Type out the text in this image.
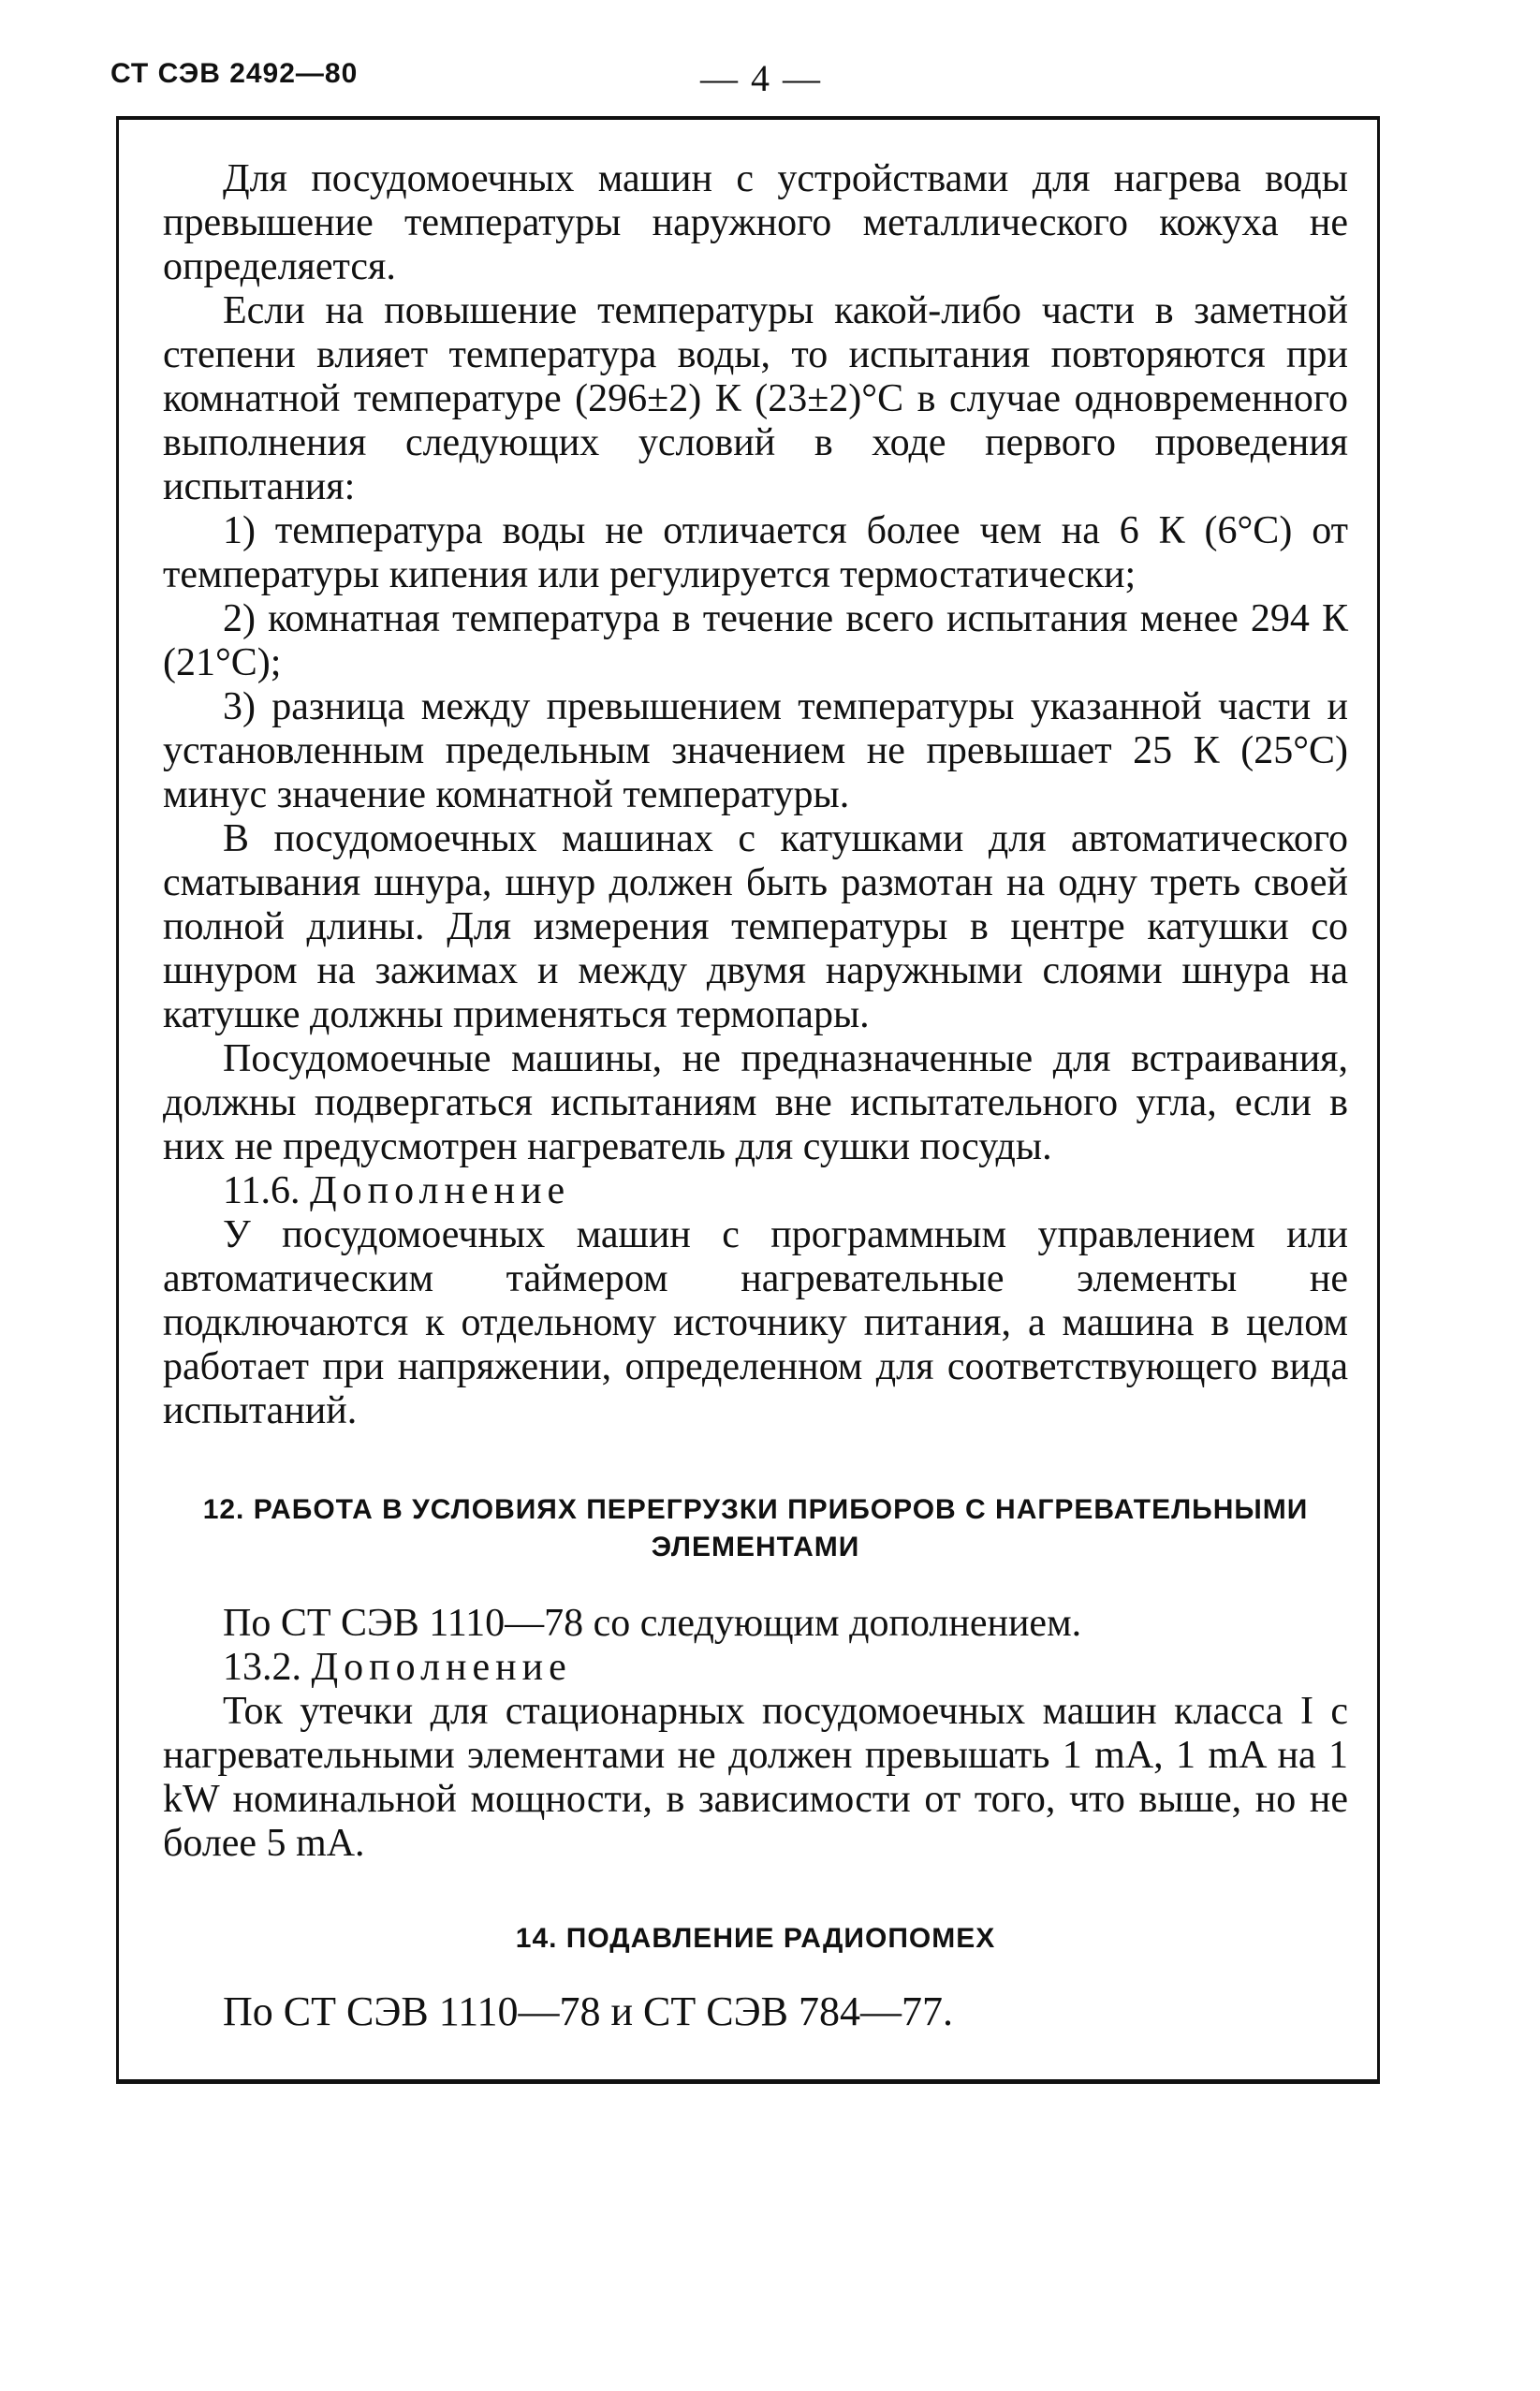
СТ СЭВ 2492—80	— 4 —

Для посудомоечных машин с устройствами для нагрева воды превышение температуры наружного металлического кожуха не определяется.

Если на повышение температуры какой-либо части в заметной степени влияет температура воды, то испытания повторяются при комнатной температуре (296±2) К (23±2)°С в случае одновременного выполнения следующих условий в ходе первого проведения испытания:

1) температура воды не отличается более чем на 6 К (6°С) от температуры кипения или регулируется термостатически;

2) комнатная температура в течение всего испытания менее 294 К (21°С);

3) разница между превышением температуры указанной части и установленным предельным значением не превышает 25 К (25°С) минус значение комнатной температуры.

В посудомоечных машинах с катушками для автоматического сматывания шнура, шнур должен быть размотан на одну треть своей полной длины. Для измерения температуры в центре катушки со шнуром на зажимах и между двумя наружными слоями шнура на катушке должны применяться термопары.

Посудомоечные машины, не предназначенные для встраивания, должны подвергаться испытаниям вне испытательного угла, если в них не предусмотрен нагреватель для сушки посуды.

11.6. Дополнение

У посудомоечных машин с программным управлением или автоматическим таймером нагревательные элементы не подключаются к отдельному источнику питания, а машина в целом работает при напряжении, определенном для соответствующего вида испытаний.

12. РАБОТА В УСЛОВИЯХ ПЕРЕГРУЗКИ ПРИБОРОВ С НАГРЕВАТЕЛЬНЫМИ ЭЛЕМЕНТАМИ

По СТ СЭВ 1110—78 со следующим дополнением.

13.2. Дополнение

Ток утечки для стационарных посудомоечных машин класса I с нагревательными элементами не должен превышать 1 mA, 1 mA на 1 kW номинальной мощности, в зависимости от того, что выше, но не более 5 mA.

14. ПОДАВЛЕНИЕ РАДИОПОМЕХ

По СТ СЭВ 1110—78 и СТ СЭВ 784—77.
